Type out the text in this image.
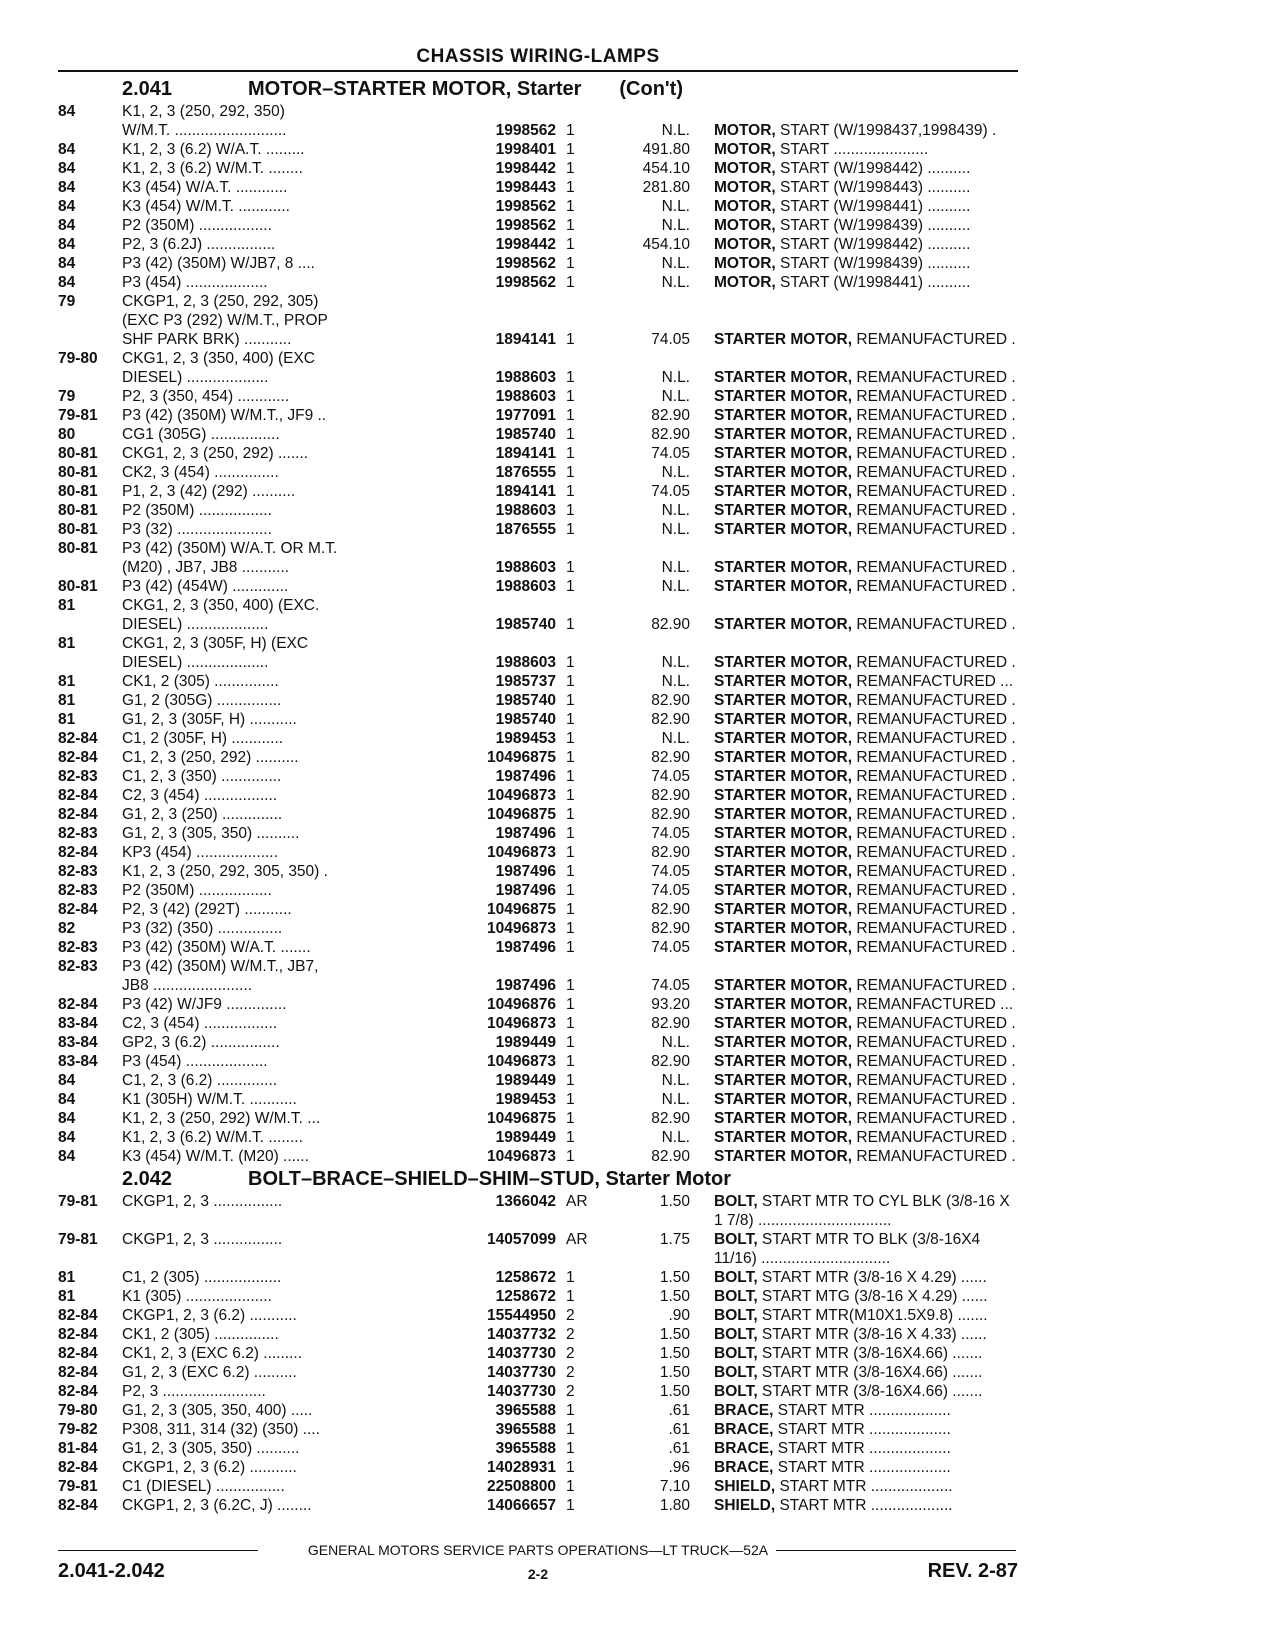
CHASSIS WIRING-LAMPS
2.041	MOTOR–STARTER MOTOR, Starter (Con't)
84	K1, 2, 3 (250, 292, 350)
W/M.T. ..........................	1998562 1	N.L. MOTOR, START (W/1998437,1998439) .
84	K1, 2, 3 (6.2) W/A.T. .........	1998401 1	491.80 MOTOR, START ......................
84	K1, 2, 3 (6.2) W/M.T. ........	1998442 1	454.10 MOTOR, START (W/1998442) ..........
84	K3 (454) W/A.T. ............	1998443 1	281.80 MOTOR, START (W/1998443) ..........
84	K3 (454) W/M.T. ............	1998562 1	N.L. MOTOR, START (W/1998441) ..........
84	P2 (350M) .................	1998562 1	N.L. MOTOR, START (W/1998439) ..........
84	P2, 3 (6.2J) ................	1998442 1	454.10 MOTOR, START (W/1998442) ..........
84	P3 (42) (350M) W/JB7, 8 ....	1998562 1	N.L. MOTOR, START (W/1998439) ..........
84	P3 (454) ...................	1998562 1	N.L. MOTOR, START (W/1998441) ..........
79	CKGP1, 2, 3 (250, 292, 305)
(EXC P3 (292) W/M.T., PROP
SHF PARK BRK) ...........	1894141 1	74.05 STARTER MOTOR, REMANUFACTURED .
79-80	CKG1, 2, 3 (350, 400) (EXC
DIESEL) ...................	1988603 1	N.L. STARTER MOTOR, REMANUFACTURED .
79	P2, 3 (350, 454) ............	1988603 1	N.L. STARTER MOTOR, REMANUFACTURED .
79-81	P3 (42) (350M) W/M.T., JF9 ..	1977091 1	82.90 STARTER MOTOR, REMANUFACTURED .
80	CG1 (305G) ................	1985740 1	82.90 STARTER MOTOR, REMANUFACTURED .
80-81	CKG1, 2, 3 (250, 292) .......	1894141 1	74.05 STARTER MOTOR, REMANUFACTURED .
80-81	CK2, 3 (454) ...............	1876555 1	N.L. STARTER MOTOR, REMANUFACTURED .
80-81	P1, 2, 3 (42) (292) ..........	1894141 1	74.05 STARTER MOTOR, REMANUFACTURED .
80-81	P2 (350M) .................	1988603 1	N.L. STARTER MOTOR, REMANUFACTURED .
80-81	P3 (32) ......................	1876555 1	N.L. STARTER MOTOR, REMANUFACTURED .
80-81	P3 (42) (350M) W/A.T. OR M.T.
(M20) , JB7, JB8 ...........	1988603 1	N.L. STARTER MOTOR, REMANUFACTURED .
80-81	P3 (42) (454W) .............	1988603 1	N.L. STARTER MOTOR, REMANUFACTURED .
81	CKG1, 2, 3 (350, 400) (EXC.
DIESEL) ...................	1985740 1	82.90 STARTER MOTOR, REMANUFACTURED .
81	CKG1, 2, 3 (305F, H) (EXC
DIESEL) ...................	1988603 1	N.L. STARTER MOTOR, REMANUFACTURED .
81	CK1, 2 (305) ...............	1985737 1	N.L. STARTER MOTOR, REMANFACTURED ...
81	G1, 2 (305G) ...............	1985740 1	82.90 STARTER MOTOR, REMANUFACTURED .
81	G1, 2, 3 (305F, H) ...........	1985740 1	82.90 STARTER MOTOR, REMANUFACTURED .
82-84	C1, 2 (305F, H) ............	1989453 1	N.L. STARTER MOTOR, REMANUFACTURED .
82-84	C1, 2, 3 (250, 292) ..........	10496875 1	82.90 STARTER MOTOR, REMANUFACTURED .
82-83	C1, 2, 3 (350) ..............	1987496 1	74.05 STARTER MOTOR, REMANUFACTURED .
82-84	C2, 3 (454) .................	10496873 1	82.90 STARTER MOTOR, REMANUFACTURED .
82-84	G1, 2, 3 (250) ..............	10496875 1	82.90 STARTER MOTOR, REMANUFACTURED .
82-83	G1, 2, 3 (305, 350) ..........	1987496 1	74.05 STARTER MOTOR, REMANUFACTURED .
82-84	KP3 (454) ...................	10496873 1	82.90 STARTER MOTOR, REMANUFACTURED .
82-83	K1, 2, 3 (250, 292, 305, 350) .	1987496 1	74.05 STARTER MOTOR, REMANUFACTURED .
82-83	P2 (350M) .................	1987496 1	74.05 STARTER MOTOR, REMANUFACTURED .
82-84	P2, 3 (42) (292T) ...........	10496875 1	82.90 STARTER MOTOR, REMANUFACTURED .
82	P3 (32) (350) ...............	10496873 1	82.90 STARTER MOTOR, REMANUFACTURED .
82-83	P3 (42) (350M) W/A.T. .......	1987496 1	74.05 STARTER MOTOR, REMANUFACTURED .
82-83	P3 (42) (350M) W/M.T., JB7,
JB8 .......................	1987496 1	74.05 STARTER MOTOR, REMANUFACTURED .
82-84	P3 (42) W/JF9 ..............	10496876 1	93.20 STARTER MOTOR, REMANFACTURED ...
83-84	C2, 3 (454) .................	10496873 1	82.90 STARTER MOTOR, REMANUFACTURED .
83-84	GP2, 3 (6.2) ................	1989449 1	N.L. STARTER MOTOR, REMANUFACTURED .
83-84	P3 (454) ...................	10496873 1	82.90 STARTER MOTOR, REMANUFACTURED .
84	C1, 2, 3 (6.2) ..............	1989449 1	N.L. STARTER MOTOR, REMANUFACTURED .
84	K1 (305H) W/M.T. ...........	1989453 1	N.L. STARTER MOTOR, REMANUFACTURED .
84	K1, 2, 3 (250, 292) W/M.T. ...	10496875 1	82.90 STARTER MOTOR, REMANUFACTURED .
84	K1, 2, 3 (6.2) W/M.T. ........	1989449 1	N.L. STARTER MOTOR, REMANUFACTURED .
84	K3 (454) W/M.T. (M20) ......	10496873 1	82.90 STARTER MOTOR, REMANUFACTURED .
2.042	BOLT–BRACE–SHIELD–SHIM–STUD, Starter Motor
79-81	CKGP1, 2, 3 ................	1366042 AR	1.50 BOLT, START MTR TO CYL BLK (3/8-16 X
1 7/8) ...............................
79-81	CKGP1, 2, 3 ................	14057099 AR	1.75 BOLT, START MTR TO BLK (3/8-16X4
11/16) ..............................
81	C1, 2 (305) ..................	1258672 1	1.50 BOLT, START MTR (3/8-16 X 4.29) ......
81	K1 (305) ....................	1258672 1	1.50 BOLT, START MTG (3/8-16 X 4.29) ......
82-84	CKGP1, 2, 3 (6.2) ...........	15544950 2	.90 BOLT, START MTR(M10X1.5X9.8) .......
82-84	CK1, 2 (305) ...............	14037732 2	1.50 BOLT, START MTR (3/8-16 X 4.33) ......
82-84	CK1, 2, 3 (EXC 6.2) .........	14037730 2	1.50 BOLT, START MTR (3/8-16X4.66) .......
82-84	G1, 2, 3 (EXC 6.2) ..........	14037730 2	1.50 BOLT, START MTR (3/8-16X4.66) .......
82-84	P2, 3 ........................	14037730 2	1.50 BOLT, START MTR (3/8-16X4.66) .......
79-80	G1, 2, 3 (305, 350, 400) .....	3965588 1	.61 BRACE, START MTR ...................
79-82	P308, 311, 314 (32) (350) ....	3965588 1	.61 BRACE, START MTR ...................
81-84	G1, 2, 3 (305, 350) ..........	3965588 1	.61 BRACE, START MTR ...................
82-84	CKGP1, 2, 3 (6.2) ...........	14028931 1	.96 BRACE, START MTR ...................
79-81	C1 (DIESEL) ................	22508800 1	7.10 SHIELD, START MTR ...................
82-84	CKGP1, 2, 3 (6.2C, J) ........	14066657 1	1.80 SHIELD, START MTR ...................
GENERAL MOTORS SERVICE PARTS OPERATIONS—LT TRUCK—52A
2.041-2.042	2-2	REV. 2-87
